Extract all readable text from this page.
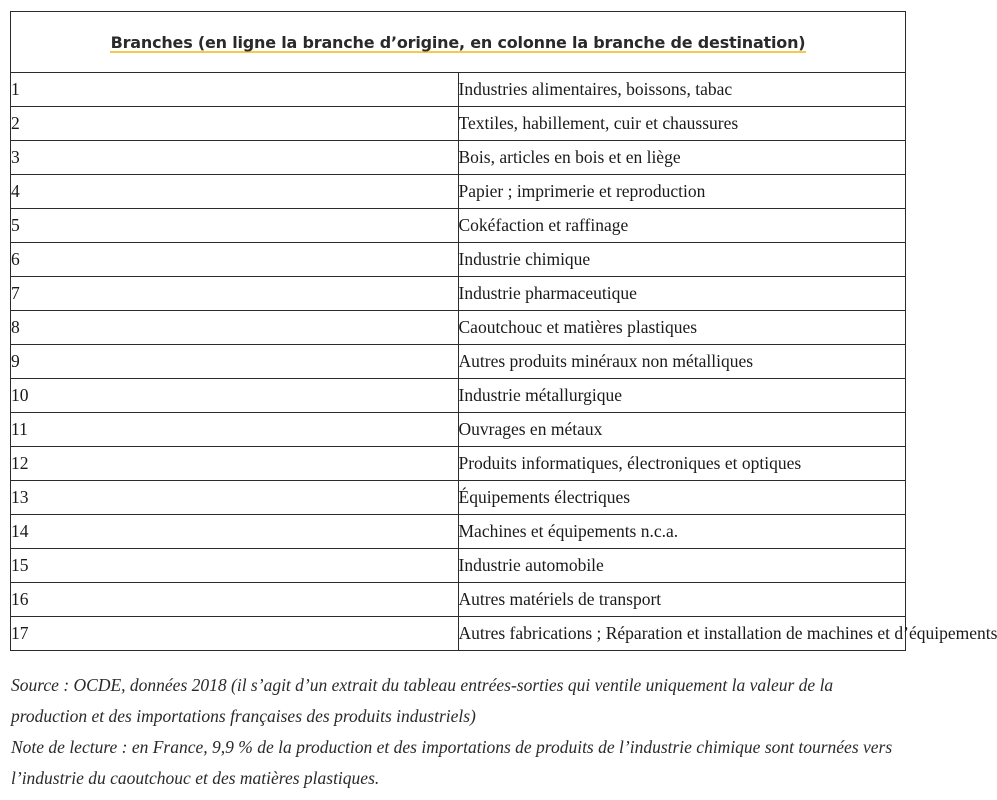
Branches (en ligne la branche d’origine, en colonne la branche de destination)	
1	Industries alimentaires, boissons, tabac
2	Textiles, habillement, cuir et chaussures
3	Bois, articles en bois et en liège
4	Papier ; imprimerie et reproduction
5	Cokéfaction et raffinage
6	Industrie chimique
7	Industrie pharmaceutique
8	Caoutchouc et matières plastiques
9	Autres produits minéraux non métalliques
10	Industrie métallurgique
11	Ouvrages en métaux
12	Produits informatiques, électroniques et optiques
13	Équipements électriques
14	Machines et équipements n.c.a.
15	Industrie automobile
16	Autres matériels de transport
17	Autres fabrications ; Réparation et installation de machines et d’équipements

Source : OCDE, données 2018 (il s’agit d’un extrait du tableau entrées-sorties qui ventile uniquement la valeur de la production et des importations françaises des produits industriels)

Note de lecture : en France, 9,9 % de la production et des importations de produits de l’industrie chimique sont tournées vers l’industrie du caoutchouc et des matières plastiques.
